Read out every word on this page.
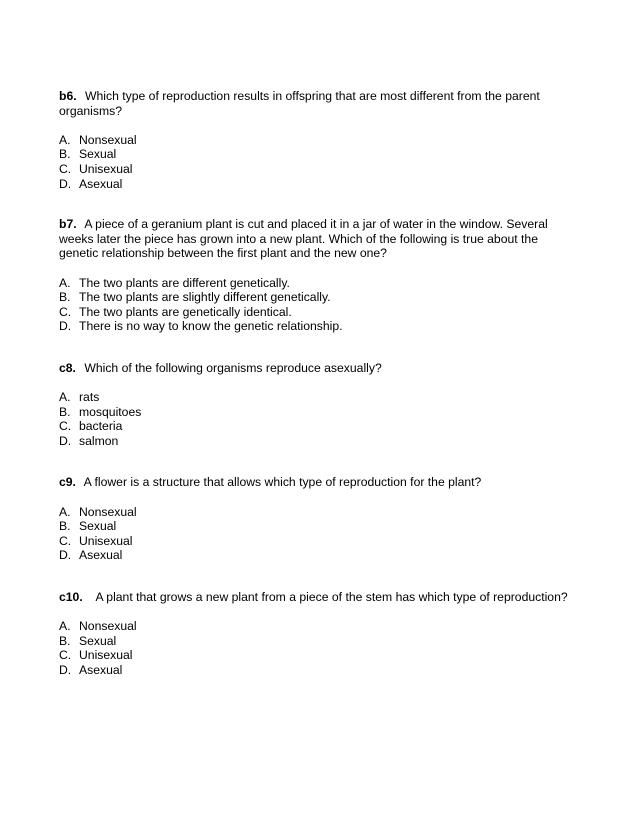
b6. Which type of reproduction results in offspring that are most different from the parent organisms?

A. Nonsexual
B. Sexual
C. Unisexual
D. Asexual

b7. A piece of a geranium plant is cut and placed it in a jar of water in the window. Several weeks later the piece has grown into a new plant. Which of the following is true about the genetic relationship between the first plant and the new one?

A. The two plants are different genetically.
B. The two plants are slightly different genetically.
C. The two plants are genetically identical.
D. There is no way to know the genetic relationship.

c8. Which of the following organisms reproduce asexually?

A. rats
B. mosquitoes
C. bacteria
D. salmon

c9. A flower is a structure that allows which type of reproduction for the plant?

A. Nonsexual
B. Sexual
C. Unisexual
D. Asexual

c10. A plant that grows a new plant from a piece of the stem has which type of reproduction?

A. Nonsexual
B. Sexual
C. Unisexual
D. Asexual
